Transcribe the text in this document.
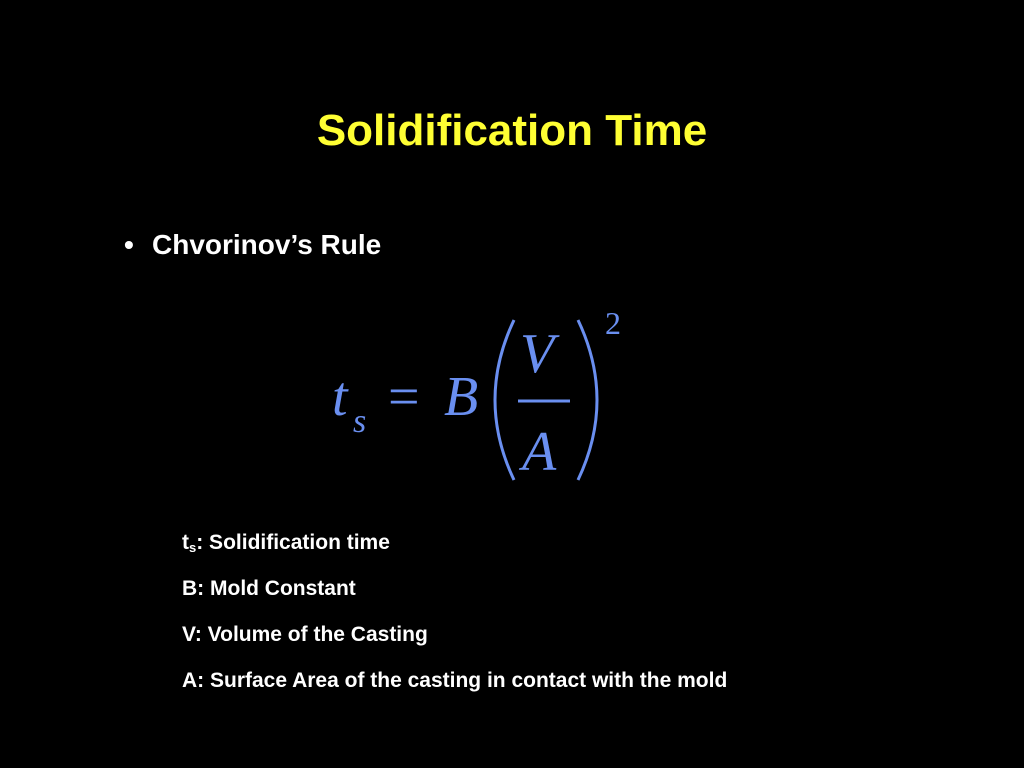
Solidification Time
• Chvorinov’s Rule
t s = B
V
A
2
$t_s$: Solidification time
B: Mold Constant
V: Volume of the Casting
A: Surface Area of the casting in contact with the mold
